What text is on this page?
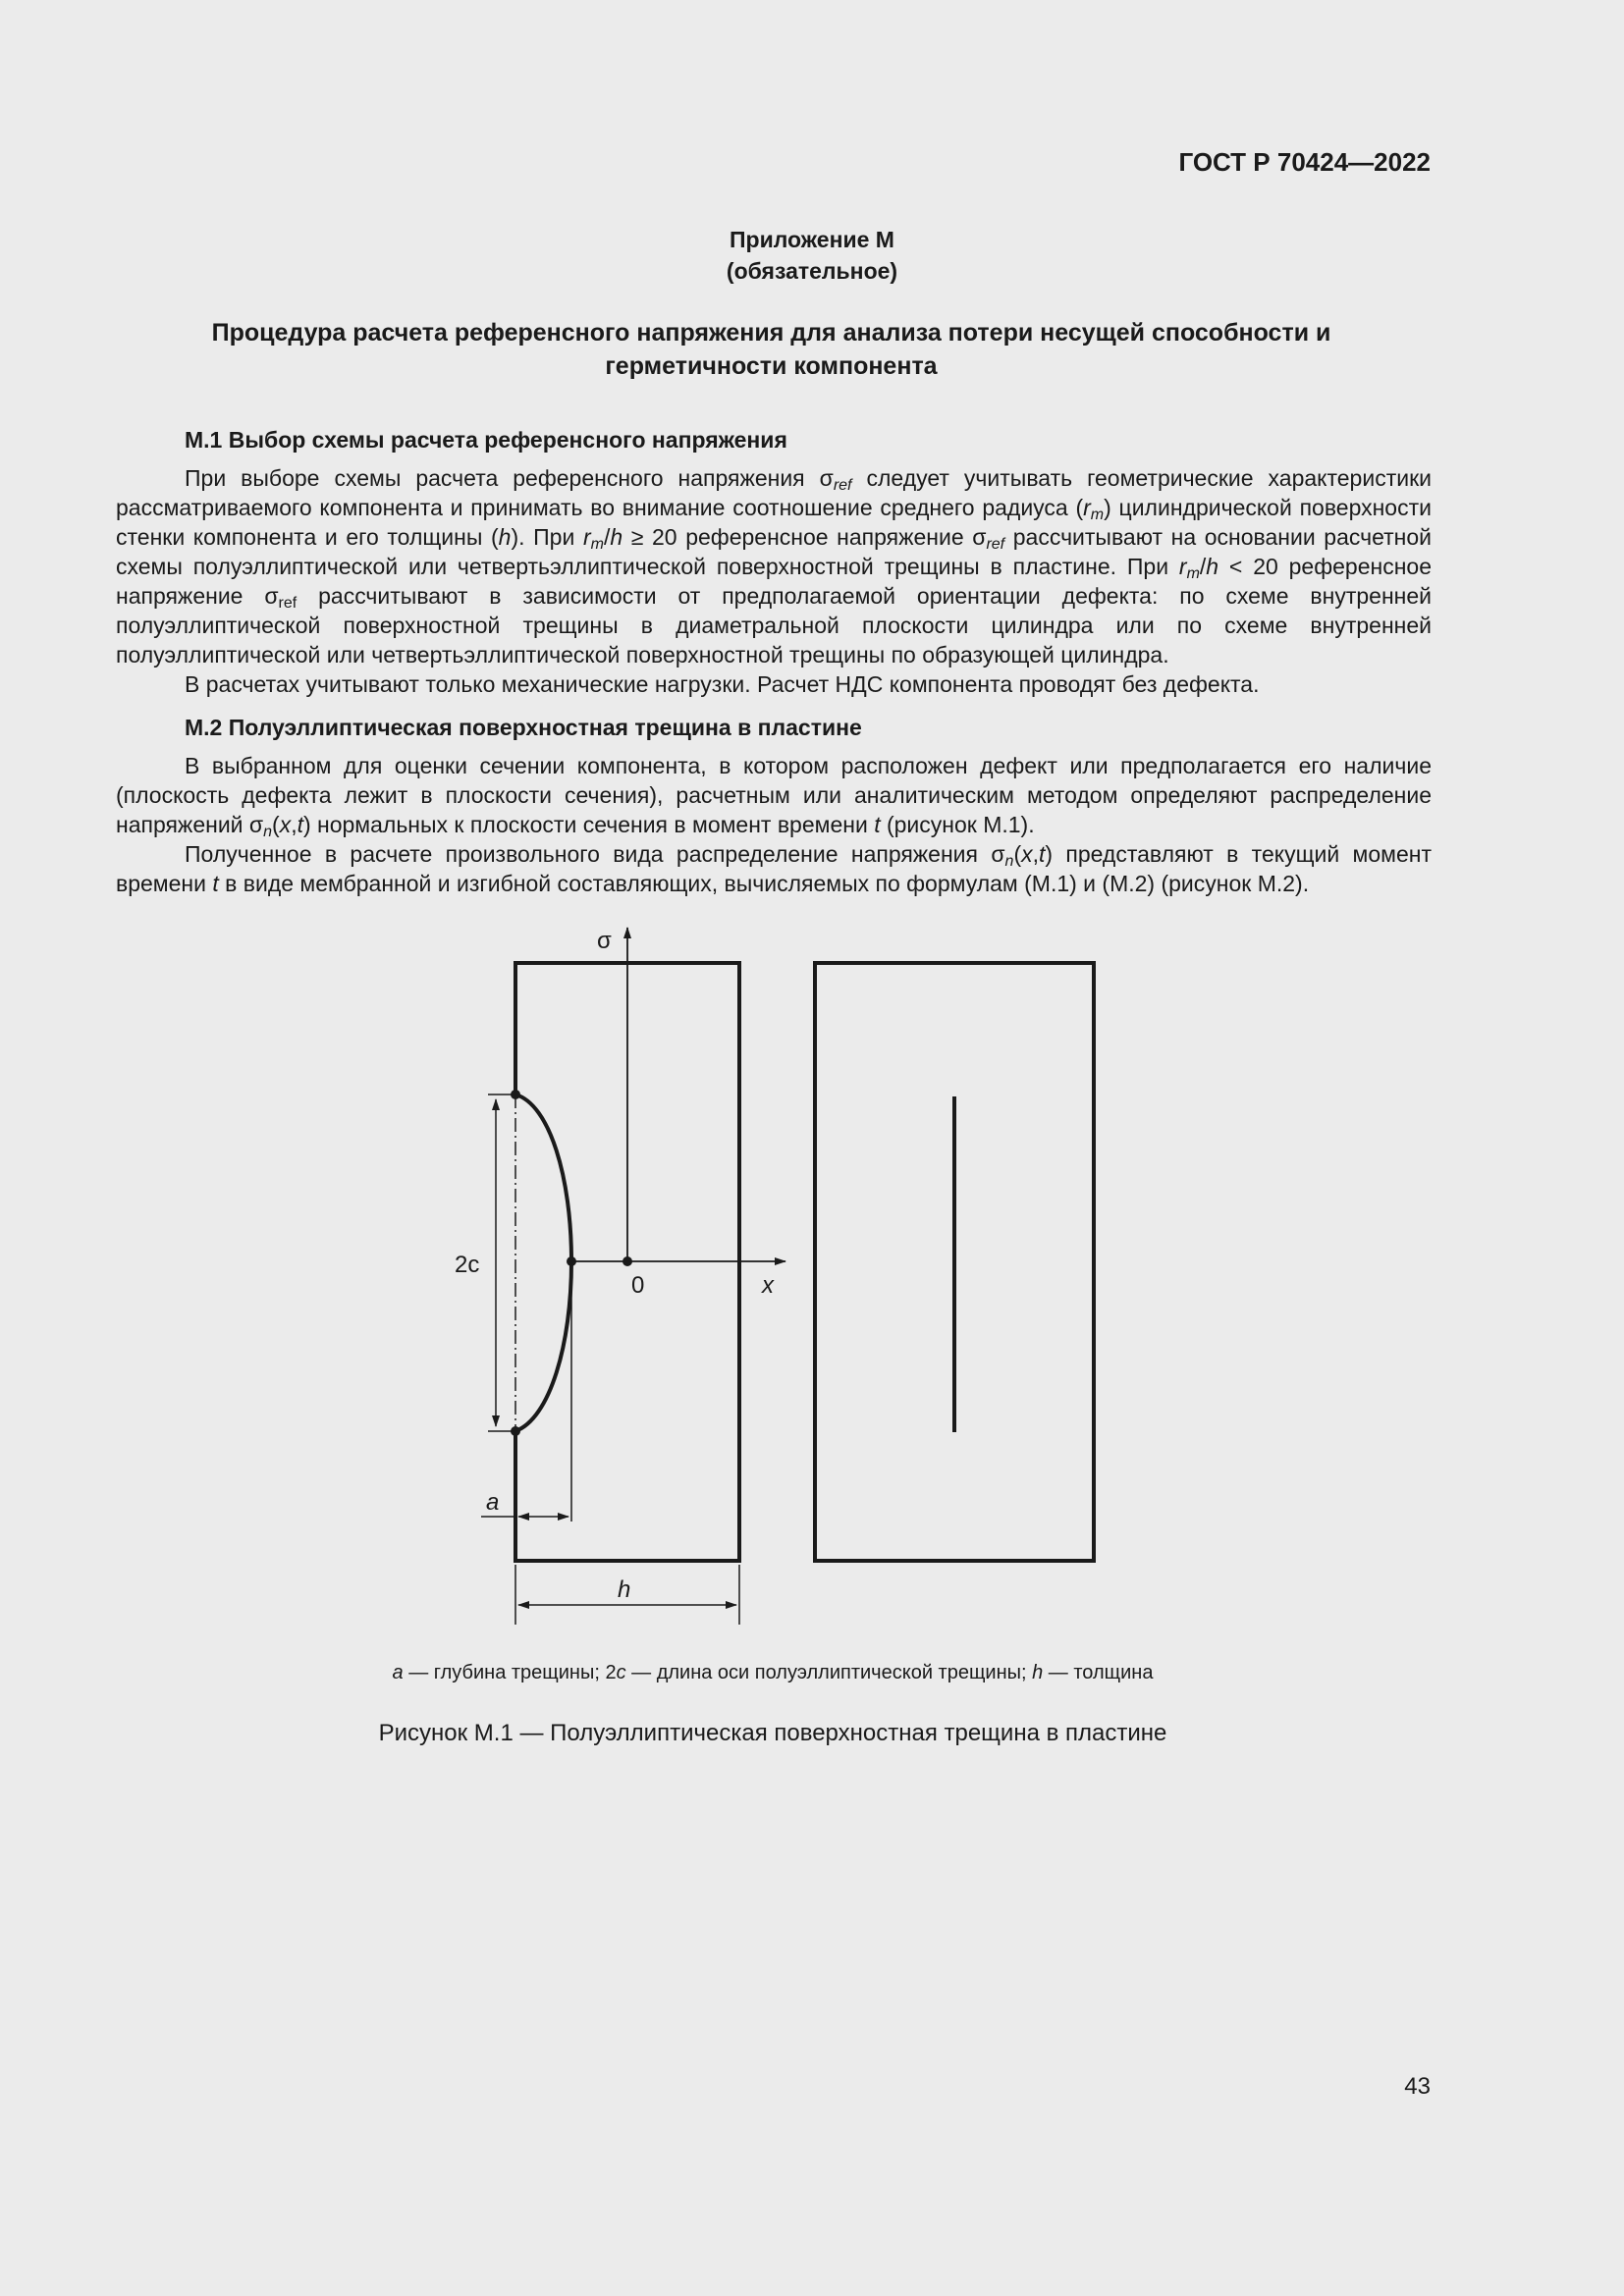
ГОСТ Р 70424—2022
Приложение М
(обязательное)
Процедура расчета референсного напряжения для анализа потери несущей способности и
герметичности компонента
М.1 Выбор схемы расчета референсного напряжения

При выборе схемы расчета референсного напряжения $\sigma_{ref}$ следует учитывать геометрические характеристики рассматриваемого компонента и принимать во внимание соотношение среднего радиуса $(r_m)$ цилиндрической поверхности стенки компонента и его толщины (h). При $r_m/h \ge 20$ референсное напряжение $\sigma_{ref}$ рассчитывают на основании расчетной схемы полуэллиптической или четвертьэллиптической поверхностной трещины в пластине. При $r_m/h < 20$ референсное напряжение $\sigma_{ref}$ рассчитывают в зависимости от предполагаемой ориентации дефекта: по схеме внутренней полуэллиптической поверхностной трещины в диаметральной плоскости цилиндра или по схеме внутренней полуэллиптической или четвертьэллиптической поверхностной трещины по образующей цилиндра.

В расчетах учитывают только механические нагрузки. Расчет НДС компонента проводят без дефекта.

М.2 Полуэллиптическая поверхностная трещина в пластине

В выбранном для оценки сечении компонента, в котором расположен дефект или предполагается его наличие (плоскость дефекта лежит в плоскости сечения), расчетным или аналитическим методом определяют распределение напряжений $\sigma_n(x,t)$ нормальных к плоскости сечения в момент времени t (рисунок М.1).

Полученное в расчете произвольного вида распределение напряжения $\sigma_n(x,t)$ представляют в текущий момент времени t в виде мембранной и изгибной составляющих, вычисляемых по формулам (М.1) и (М.2) (рисунок М.2).

σ
2c
0	x
a
h
a — глубина трещины; 2c — длина оси полуэллиптической трещины; h — толщина
Рисунок М.1 — Полуэллиптическая поверхностная трещина в пластине
43
